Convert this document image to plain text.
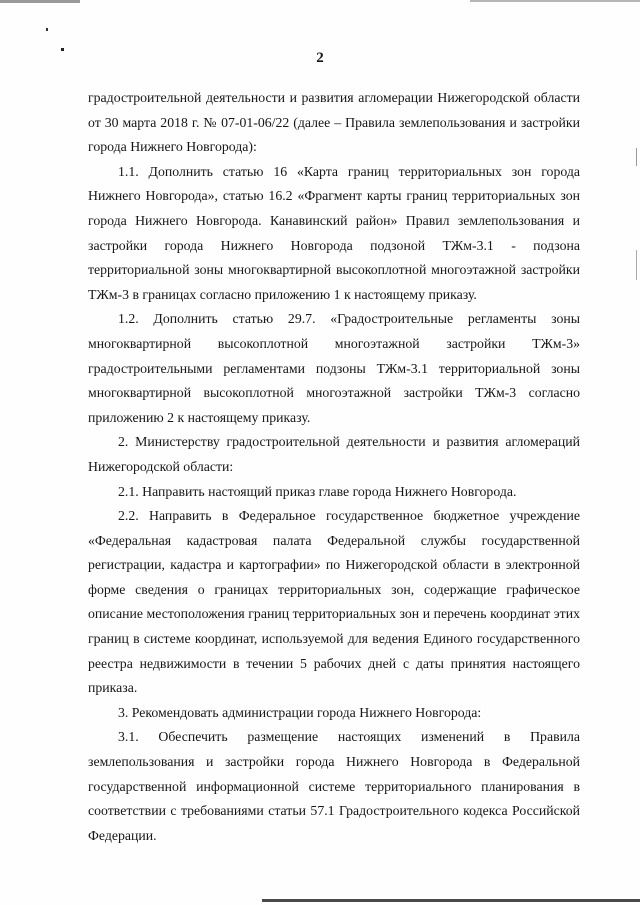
2

градостроительной деятельности и развития агломерации Нижегородской области от 30 марта 2018 г. № 07-01-06/22 (далее – Правила землепользования и застройки города Нижнего Новгорода):

1.1. Дополнить статью 16 «Карта границ территориальных зон города Нижнего Новгорода», статью 16.2 «Фрагмент карты границ территориальных зон города Нижнего Новгорода. Канавинский район» Правил землепользования и застройки города Нижнего Новгорода подзоной ТЖм-3.1 - подзона территориальной зоны многоквартирной высокоплотной многоэтажной застройки ТЖм-3 в границах согласно приложению 1 к настоящему приказу.

1.2. Дополнить статью 29.7. «Градостроительные регламенты зоны многоквартирной высокоплотной многоэтажной застройки ТЖм-3» градостроительными регламентами подзоны ТЖм-3.1 территориальной зоны многоквартирной высокоплотной многоэтажной застройки ТЖм-3 согласно приложению 2 к настоящему приказу.

2. Министерству градостроительной деятельности и развития агломераций Нижегородской области:

2.1. Направить настоящий приказ главе города Нижнего Новгорода.

2.2. Направить в Федеральное государственное бюджетное учреждение «Федеральная кадастровая палата Федеральной службы государственной регистрации, кадастра и картографии» по Нижегородской области в электронной форме сведения о границах территориальных зон, содержащие графическое описание местоположения границ территориальных зон и перечень координат этих границ в системе координат, используемой для ведения Единого государственного реестра недвижимости в течении 5 рабочих дней с даты принятия настоящего приказа.

3. Рекомендовать администрации города Нижнего Новгорода:

3.1. Обеспечить размещение настоящих изменений в Правила землепользования и застройки города Нижнего Новгорода в Федеральной государственной информационной системе территориального планирования в соответствии с требованиями статьи 57.1 Градостроительного кодекса Российской Федерации.
